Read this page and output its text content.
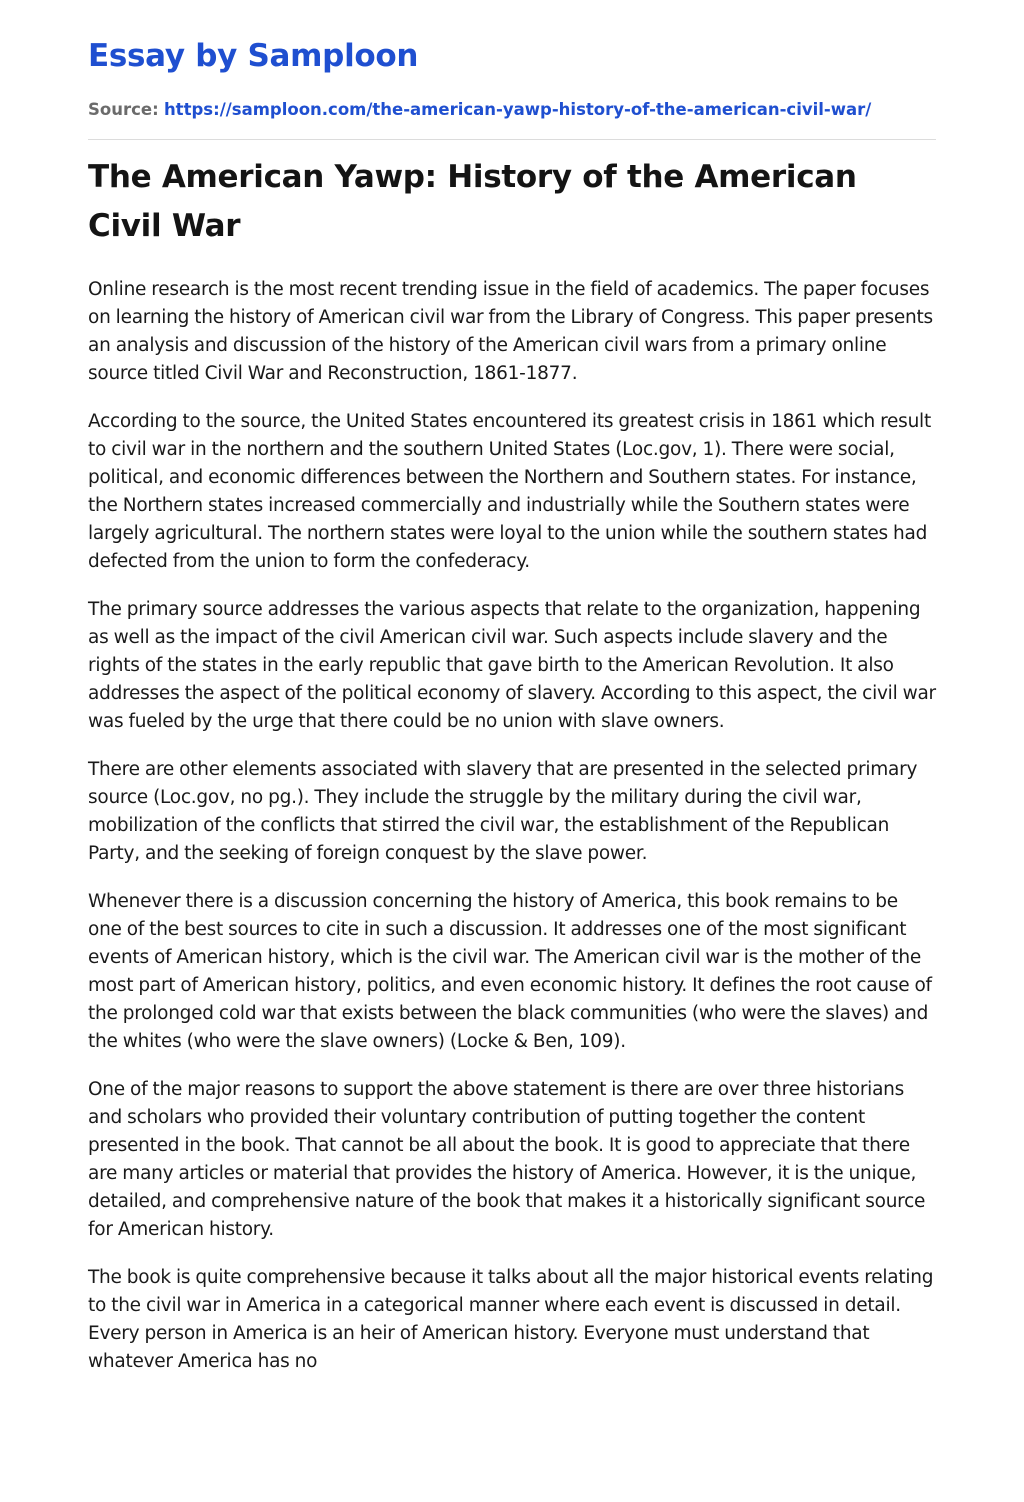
Essay by Samploon
Source: https://samploon.com/the-american-yawp-history-of-the-american-civil-war/
The American Yawp: History of the American Civil War

Online research is the most recent trending issue in the field of academics. The paper focuses on learning the history of American civil war from the Library of Congress. This paper presents an analysis and discussion of the history of the American civil wars from a primary online source titled Civil War and Reconstruction, 1861-1877.

According to the source, the United States encountered its greatest crisis in 1861 which result to civil war in the northern and the southern United States (Loc.gov, 1). There were social, political, and economic differences between the Northern and Southern states. For instance, the Northern states increased commercially and industrially while the Southern states were largely agricultural. The northern states were loyal to the union while the southern states had defected from the union to form the confederacy.

The primary source addresses the various aspects that relate to the organization, happening as well as the impact of the civil American civil war. Such aspects include slavery and the rights of the states in the early republic that gave birth to the American Revolution. It also addresses the aspect of the political economy of slavery. According to this aspect, the civil war was fueled by the urge that there could be no union with slave owners.

There are other elements associated with slavery that are presented in the selected primary source (Loc.gov, no pg.). They include the struggle by the military during the civil war, mobilization of the conflicts that stirred the civil war, the establishment of the Republican Party, and the seeking of foreign conquest by the slave power.

Whenever there is a discussion concerning the history of America, this book remains to be one of the best sources to cite in such a discussion. It addresses one of the most significant events of American history, which is the civil war. The American civil war is the mother of the most part of American history, politics, and even economic history. It defines the root cause of the prolonged cold war that exists between the black communities (who were the slaves) and the whites (who were the slave owners) (Locke & Ben, 109).

One of the major reasons to support the above statement is there are over three historians and scholars who provided their voluntary contribution of putting together the content presented in the book. That cannot be all about the book. It is good to appreciate that there are many articles or material that provides the history of America. However, it is the unique, detailed, and comprehensive nature of the book that makes it a historically significant source for American history.

The book is quite comprehensive because it talks about all the major historical events relating to the civil war in America in a categorical manner where each event is discussed in detail. Every person in America is an heir of American history. Everyone must understand that whatever America has no
